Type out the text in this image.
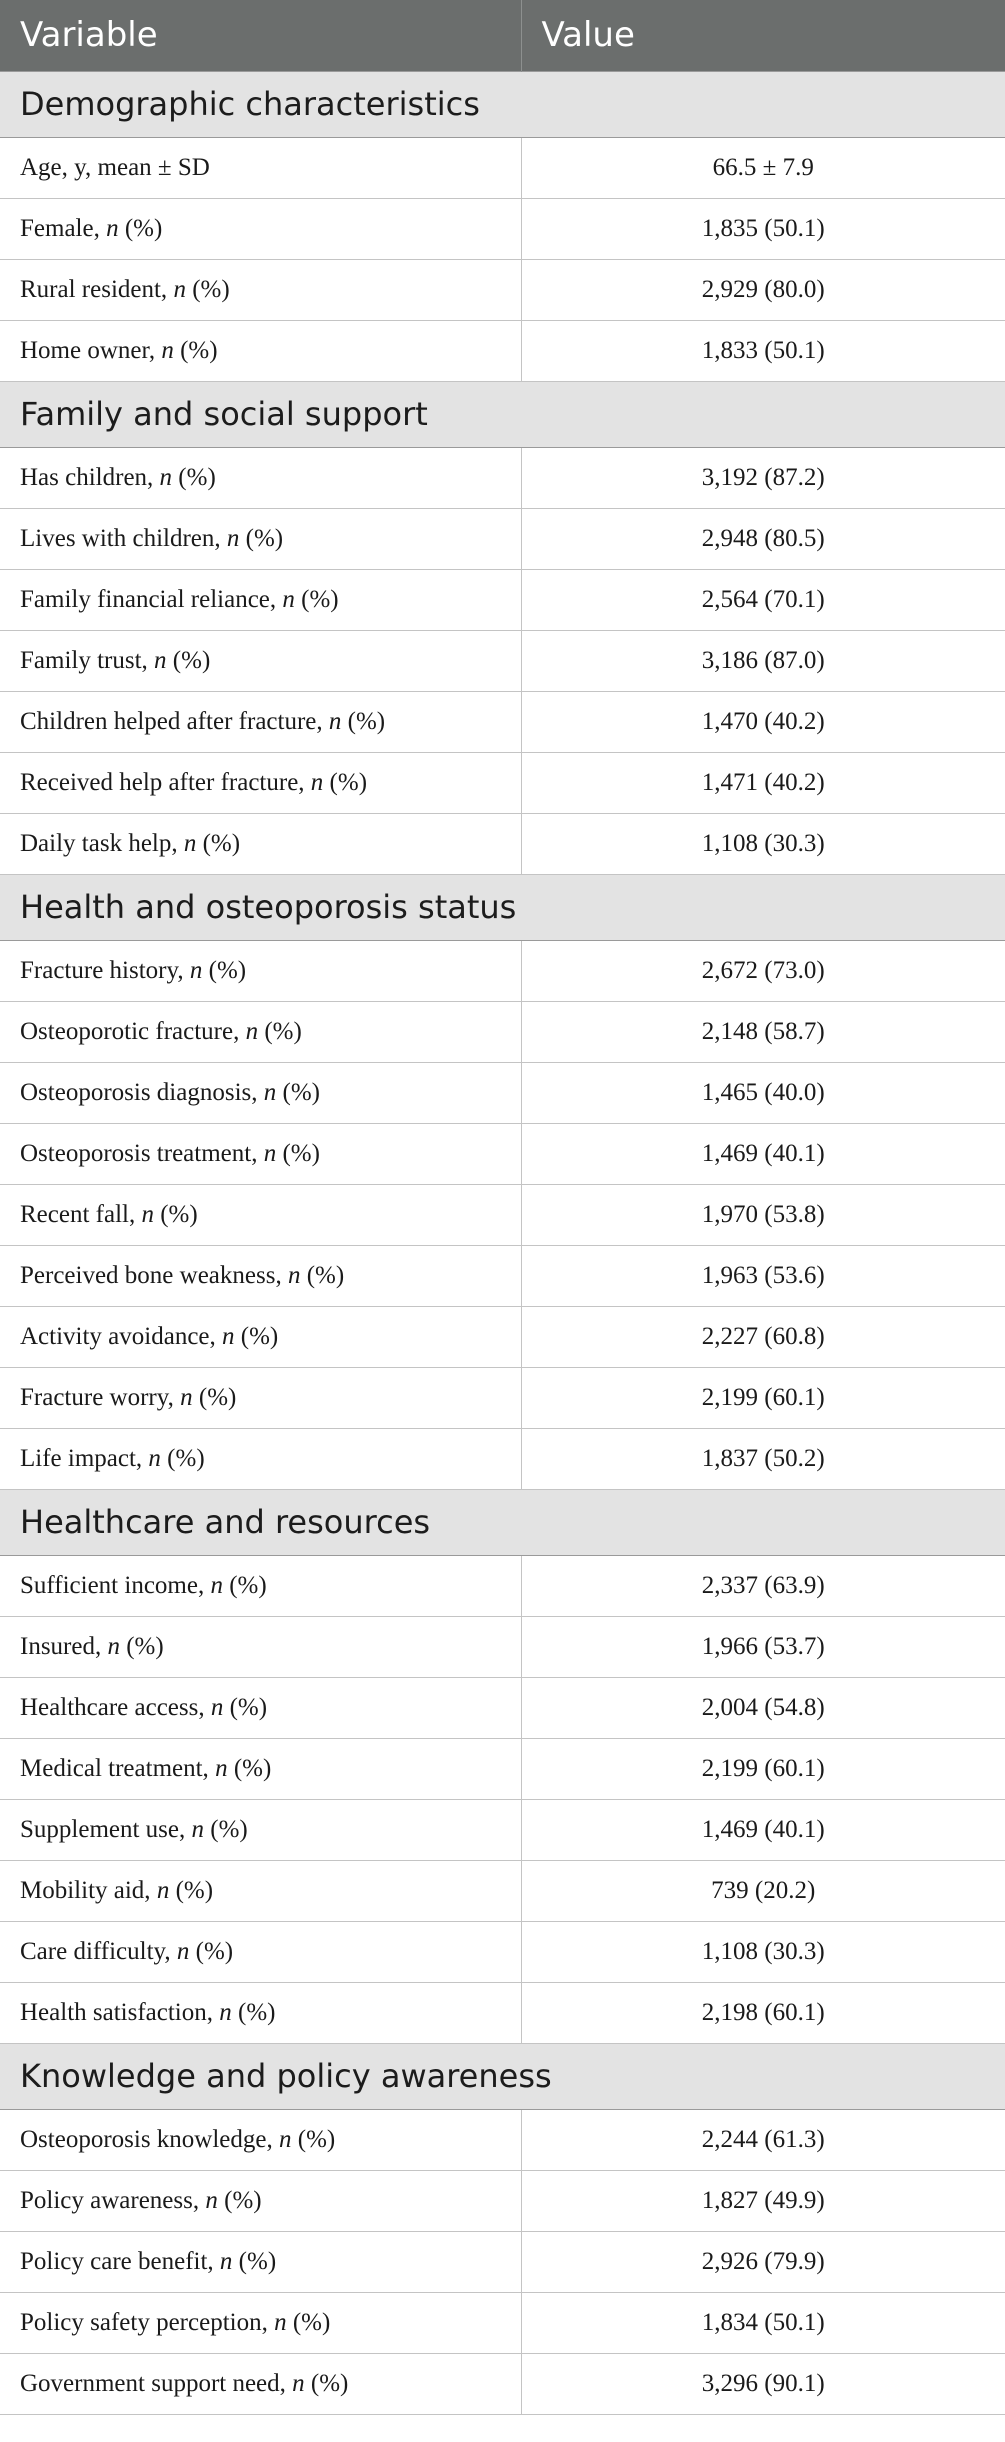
Variable	Value
Demographic characteristics	
Age, y, mean ± SD	66.5 ± 7.9
Female, n (%)	1,835 (50.1)
Rural resident, n (%)	2,929 (80.0)
Home owner, n (%)	1,833 (50.1)
Family and social support	
Has children, n (%)	3,192 (87.2)
Lives with children, n (%)	2,948 (80.5)
Family financial reliance, n (%)	2,564 (70.1)
Family trust, n (%)	3,186 (87.0)
Children helped after fracture, n (%)	1,470 (40.2)
Received help after fracture, n (%)	1,471 (40.2)
Daily task help, n (%)	1,108 (30.3)
Health and osteoporosis status	
Fracture history, n (%)	2,672 (73.0)
Osteoporotic fracture, n (%)	2,148 (58.7)
Osteoporosis diagnosis, n (%)	1,465 (40.0)
Osteoporosis treatment, n (%)	1,469 (40.1)
Recent fall, n (%)	1,970 (53.8)
Perceived bone weakness, n (%)	1,963 (53.6)
Activity avoidance, n (%)	2,227 (60.8)
Fracture worry, n (%)	2,199 (60.1)
Life impact, n (%)	1,837 (50.2)
Healthcare and resources	
Sufficient income, n (%)	2,337 (63.9)
Insured, n (%)	1,966 (53.7)
Healthcare access, n (%)	2,004 (54.8)
Medical treatment, n (%)	2,199 (60.1)
Supplement use, n (%)	1,469 (40.1)
Mobility aid, n (%)	739 (20.2)
Care difficulty, n (%)	1,108 (30.3)
Health satisfaction, n (%)	2,198 (60.1)
Knowledge and policy awareness	
Osteoporosis knowledge, n (%)	2,244 (61.3)
Policy awareness, n (%)	1,827 (49.9)
Policy care benefit, n (%)	2,926 (79.9)
Policy safety perception, n (%)	1,834 (50.1)
Government support need, n (%)	3,296 (90.1)
